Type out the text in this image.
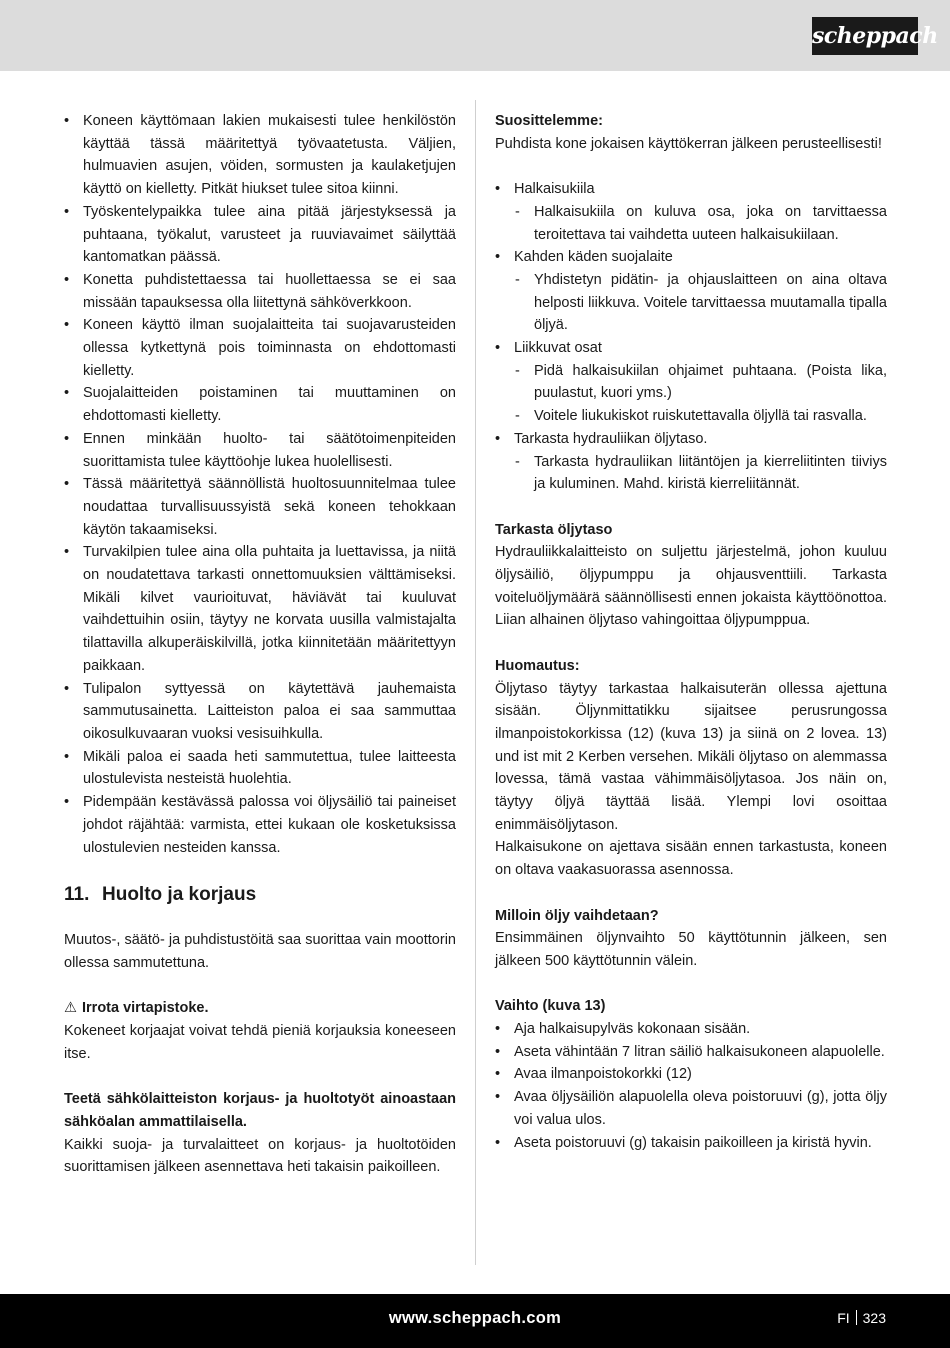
scheppach
• Koneen käyttömaan lakien mukaisesti tulee henkilöstön käyttää tässä määritettyä työvaatetusta. Väljien, hulmuavien asujen, vöiden, sormusten ja kaulaketjujen käyttö on kielletty. Pitkät hiukset tulee sitoa kiinni.
• Työskentelypaikka tulee aina pitää järjestyksessä ja puhtaana, työkalut, varusteet ja ruuviavaimet säilyttää kantomatkan päässä.
• Konetta puhdistettaessa tai huollettaessa se ei saa missään tapauksessa olla liitettynä sähköverkkoon.
• Koneen käyttö ilman suojalaitteita tai suojavarusteiden ollessa kytkettynä pois toiminnasta on ehdottomasti kielletty.
• Suojalaitteiden poistaminen tai muuttaminen on ehdottomasti kielletty.
• Ennen minkään huolto- tai säätötoimenpiteiden suorittamista tulee käyttöohje lukea huolellisesti.
• Tässä määritettyä säännöllistä huoltosuunnitelmaa tulee noudattaa turvallisuussyistä sekä koneen tehokkaan käytön takaamiseksi.
• Turvakilpien tulee aina olla puhtaita ja luettavissa, ja niitä on noudatettava tarkasti onnettomuuksien välttämiseksi. Mikäli kilvet vaurioituvat, häviävät tai kuuluvat vaihdettuihin osiin, täytyy ne korvata uusilla valmistajalta tilattavilla alkuperäiskilvillä, jotka kiinnitetään määritettyyn paikkaan.
• Tulipalon syttyessä on käytettävä jauhemaista sammutusainetta. Laitteiston paloa ei saa sammuttaa oikosulkuvaaran vuoksi vesisuihkulla.
• Mikäli paloa ei saada heti sammutettua, tulee laitteesta ulostulevista nesteistä huolehtia.
• Pidempään kestävässä palossa voi öljysäiliö tai paineiset johdot räjähtää: varmista, ettei kukaan ole kosketuksissa ulostulevien nesteiden kanssa.
11. Huolto ja korjaus

Muutos-, säätö- ja puhdistustöitä saa suorittaa vain moottorin ollessa sammutettuna.

⚠ Irrota virtapistoke.

Kokeneet korjaajat voivat tehdä pieniä korjauksia koneeseen itse.

Teetä sähkölaitteiston korjaus- ja huoltotyöt ainoastaan sähköalan ammattilaisella.

Kaikki suoja- ja turvalaitteet on korjaus- ja huoltotöiden suorittamisen jälkeen asennettava heti takaisin paikoilleen.

Suosittelemme:

Puhdista kone jokaisen käyttökerran jälkeen perusteellisesti!

• Halkaisukiila
- Halkaisukiila on kuluva osa, joka on tarvittaessa teroitettava tai vaihdetta uuteen halkaisukiilaan.
• Kahden käden suojalaite
- Yhdistetyn pidätin- ja ohjauslaitteen on aina oltava helposti liikkuva. Voitele tarvittaessa muutamalla tipalla öljyä.
• Liikkuvat osat
- Pidä halkaisukiilan ohjaimet puhtaana. (Poista lika, puulastut, kuori yms.)
- Voitele liukukiskot ruiskutettavalla öljyllä tai rasvalla.
• Tarkasta hydrauliikan öljytaso.
- Tarkasta hydrauliikan liitäntöjen ja kierreliitinten tiiviys ja kuluminen. Mahd. kiristä kierreliitännät.

Tarkasta öljytaso

Hydrauliikkalaitteisto on suljettu järjestelmä, johon kuuluu öljysäiliö, öljypumppu ja ohjausventtiili. Tarkasta voiteluöljymäärä säännöllisesti ennen jokaista käyttöönottoa. Liian alhainen öljytaso vahingoittaa öljypumppua.

Huomautus:

Öljytaso täytyy tarkastaa halkaisuterän ollessa ajettuna sisään. Öljynmittatikku sijaitsee perusrungossa ilmanpoistokorkissa (12) (kuva 13) ja siinä on 2 lovea. 13) und ist mit 2 Kerben versehen. Mikäli öljytaso on alemmassa lovessa, tämä vastaa vähimmäisöljytasoa. Jos näin on, täytyy öljyä täyttää lisää. Ylempi lovi osoittaa enimmäisöljytason.

Halkaisukone on ajettava sisään ennen tarkastusta, koneen on oltava vaakasuorassa asennossa.

Milloin öljy vaihdetaan?

Ensimmäinen öljynvaihto 50 käyttötunnin jälkeen, sen jälkeen 500 käyttötunnin välein.

Vaihto (kuva 13)

• Aja halkaisupylväs kokonaan sisään.
• Aseta vähintään 7 litran säiliö halkaisukoneen alapuolelle.
• Avaa ilmanpoistokorkki (12)
• Avaa öljysäiliön alapuolella oleva poistoruuvi (g), jotta öljy voi valua ulos.
• Aseta poistoruuvi (g) takaisin paikoilleen ja kiristä hyvin.
www.scheppach.com	FI 323
